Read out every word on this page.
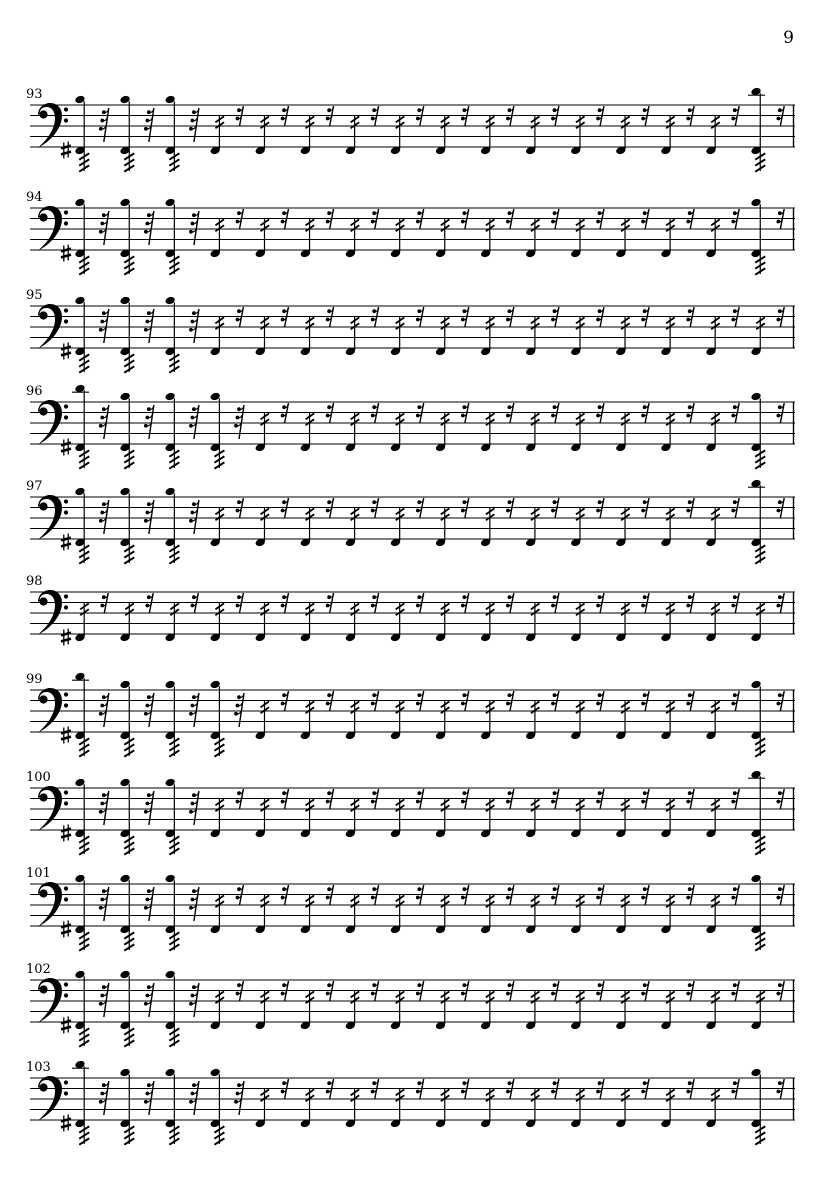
9
93
94
95
96
97
98
99
100
101
102
103
